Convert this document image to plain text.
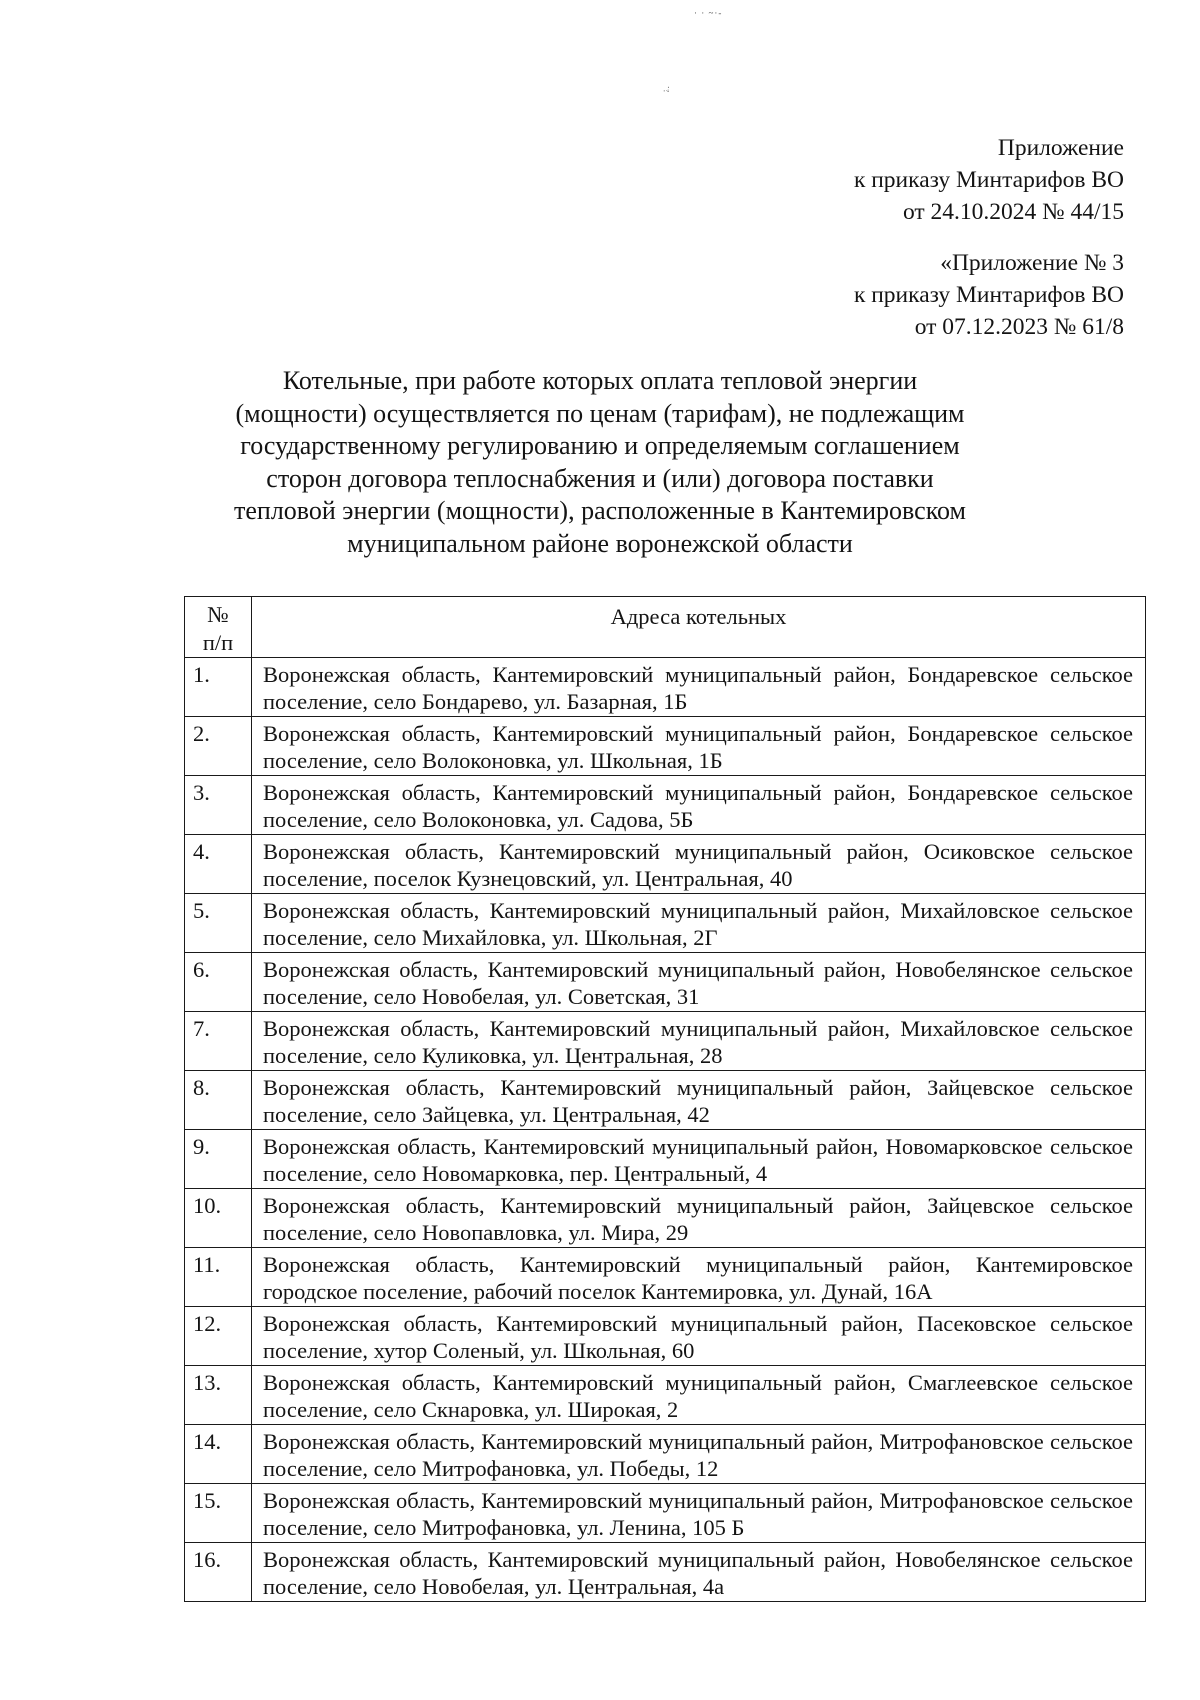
· · ~·-
·ᵥ·
Приложение
к приказу Минтарифов ВО
от 24.10.2024 № 44/15
«Приложение № 3
к приказу Минтарифов ВО
от 07.12.2023 № 61/8
Котельные, при работе которых оплата тепловой энергии
(мощности) осуществляется по ценам (тарифам), не подлежащим
государственному регулированию и определяемым соглашением
сторон договора теплоснабжения и (или) договора поставки
тепловой энергии (мощности), расположенные в Кантемировском
муниципальном районе воронежской области
№
п/п	Адреса котельных
1.	Воронежская область, Кантемировский муниципальный район, Бондаревское сельское поселение, село Бондарево, ул. Базарная, 1Б
2.	Воронежская область, Кантемировский муниципальный район, Бондаревское сельское поселение, село Волоконовка, ул. Школьная, 1Б
3.	Воронежская область, Кантемировский муниципальный район, Бондаревское сельское поселение, село Волоконовка, ул. Садова, 5Б
4.	Воронежская область, Кантемировский муниципальный район, Осиковское сельское поселение, поселок Кузнецовский, ул. Центральная, 40
5.	Воронежская область, Кантемировский муниципальный район, Михайловское сельское поселение, село Михайловка, ул. Школьная, 2Г
6.	Воронежская область, Кантемировский муниципальный район, Новобелянское сельское поселение, село Новобелая, ул. Советская, 31
7.	Воронежская область, Кантемировский муниципальный район, Михайловское сельское поселение, село Куликовка, ул. Центральная, 28
8.	Воронежская область, Кантемировский муниципальный район, Зайцевское сельское поселение, село Зайцевка, ул. Центральная, 42
9.	Воронежская область, Кантемировский муниципальный район, Новомарковское сельское поселение, село Новомарковка, пер. Центральный, 4
10.	Воронежская область, Кантемировский муниципальный район, Зайцевское сельское поселение, село Новопавловка, ул. Мира, 29
11.	Воронежская область, Кантемировский муниципальный район, Кантемировское городское поселение, рабочий поселок Кантемировка, ул. Дунай, 16А
12.	Воронежская область, Кантемировский муниципальный район, Пасековское сельское поселение, хутор Соленый, ул. Школьная, 60
13.	Воронежская область, Кантемировский муниципальный район, Смаглеевское сельское поселение, село Скнаровка, ул. Широкая, 2
14.	Воронежская область, Кантемировский муниципальный район, Митрофановское сельское поселение, село Митрофановка, ул. Победы, 12
15.	Воронежская область, Кантемировский муниципальный район, Митрофановское сельское поселение, село Митрофановка, ул. Ленина, 105 Б
16.	Воронежская область, Кантемировский муниципальный район, Новобелянское сельское поселение, село Новобелая, ул. Центральная, 4а
